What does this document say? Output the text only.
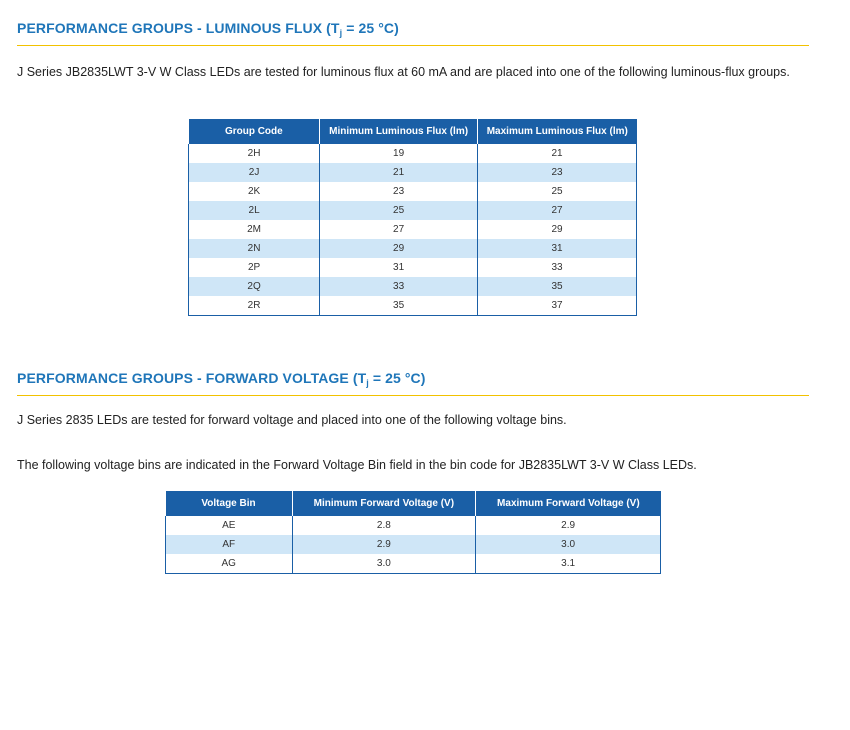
PERFORMANCE GROUPS - LUMINOUS FLUX ($T_j = 25$ °C)
J Series JB2835LWT 3-V W Class LEDs are tested for luminous flux at 60 mA and are placed into one of the following luminous-flux groups.
Group Code	Minimum Luminous Flux (lm)	Maximum Luminous Flux (lm)
2H	19	21
2J	21	23
2K	23	25
2L	25	27
2M	27	29
2N	29	31
2P	31	33
2Q	33	35
2R	35	37
PERFORMANCE GROUPS - FORWARD VOLTAGE ($T_j = 25$ °C)
J Series 2835 LEDs are tested for forward voltage and placed into one of the following voltage bins.
The following voltage bins are indicated in the Forward Voltage Bin field in the bin code for JB2835LWT 3-V W Class LEDs.
Voltage Bin	Minimum Forward Voltage (V)	Maximum Forward Voltage (V)
AE	2.8	2.9
AF	2.9	3.0
AG	3.0	3.1
